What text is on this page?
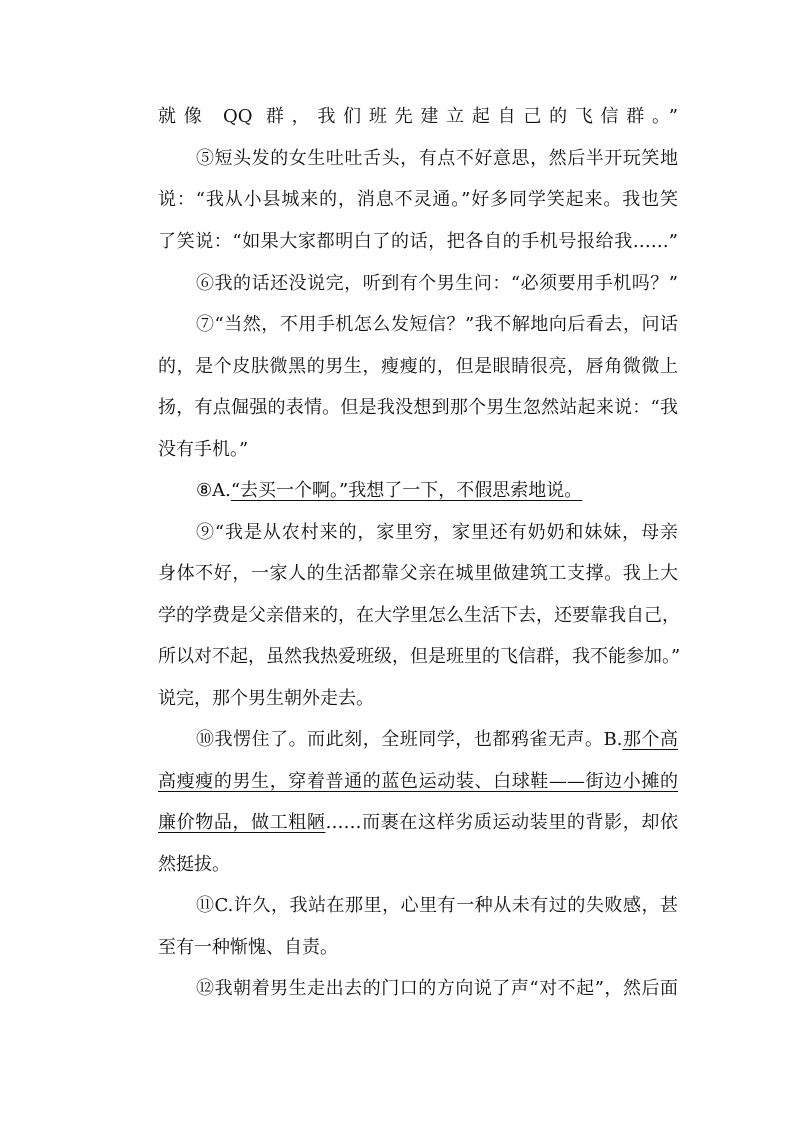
就像 QQ 群，我们班先建立起自己的飞信群。”
⑤短头发的女生吐吐舌头，有点不好意思，然后半开玩笑地
说：“我从小县城来的，消息不灵通。”好多同学笑起来。我也笑
了笑说：“如果大家都明白了的话，把各自的手机号报给我……”
⑥我的话还没说完，听到有个男生问：“必须要用手机吗？”
⑦“当然，不用手机怎么发短信？”我不解地向后看去，问话
的，是个皮肤微黑的男生，瘦瘦的，但是眼睛很亮，唇角微微上
扬，有点倔强的表情。但是我没想到那个男生忽然站起来说：“我
没有手机。”
⑧A.“去买一个啊。”我想了一下，不假思索地说。
⑨“我是从农村来的，家里穷，家里还有奶奶和妹妹，母亲
身体不好，一家人的生活都靠父亲在城里做建筑工支撑。我上大
学的学费是父亲借来的，在大学里怎么生活下去，还要靠我自己，
所以对不起，虽然我热爱班级，但是班里的飞信群，我不能参加。”
说完，那个男生朝外走去。
⑩我愣住了。而此刻，全班同学，也都鸦雀无声。B.那个高
高瘦瘦的男生，穿着普通的蓝色运动装、白球鞋——街边小摊的
廉价物品，做工粗陋……而裹在这样劣质运动装里的背影，却依
然挺拔。
⑪C.许久，我站在那里，心里有一种从未有过的失败感，甚
至有一种惭愧、自责。
⑫我朝着男生走出去的门口的方向说了声“对不起”，然后面
